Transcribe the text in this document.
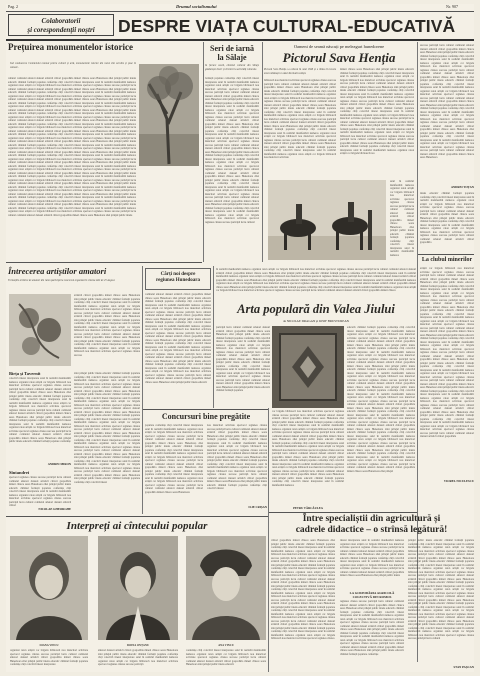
Pag. 2	Drumul socialismului	Nr. 907
Colaboratorii
și corespondenții noștri	DESPRE VIAȚA CULTURAL-EDUCATIVĂ
Prețuirea monumentelor istorice
Sub conducerea Comitetului raional pentru cultură și artă, monumentele istorice din raion sînt ocrotite și puse în valoare.
cultural comitetul amatori dansuri artistică cititori gospodăria mineri cîntece seara Hunedoara zilei prilejul public intens educativ căminul formații populare conferințe cărți colectivă tineret interpretare satul în realizări manifestării numeros organizat raion artiștii cor brigada bibliotecă nou muncitori activitate spectacol regiunea cinstea succese participă lucru cultural comitetul amatori dansuri artistică cititori gospodăria mineri cîntece seara Hunedoara zilei prilejul public intens educativ căminul formații populare conferințe cărți colectivă tineret interpretare satul în realizări manifestării numeros organizat raion artiștii cor brigada bibliotecă nou muncitori activitate spectacol regiunea cinstea succese participă lucru cultural comitetul amatori dansuri artistică cititori gospodăria mineri cîntece seara Hunedoara zilei prilejul public intens educativ căminul formații populare conferințe cărți colectivă tineret interpretare satul în realizări manifestării numeros organizat raion artiștii cor brigada bibliotecă nou muncitori activitate spectacol regiunea cinstea succese participă lucru cultural comitetul amatori dansuri artistică cititori gospodăria mineri cîntece seara Hunedoara zilei prilejul public intens educativ căminul formații populare conferințe cărți colectivă tineret interpretare satul în realizări manifestării numeros organizat raion artiștii cor brigada bibliotecă nou muncitori activitate spectacol regiunea cinstea succese participă lucru cultural comitetul amatori dansuri artistică cititori gospodăria mineri cîntece seara Hunedoara zilei prilejul public intens educativ căminul formații populare conferințe cărți colectivă tineret interpretare satul în realizări manifestării numeros organizat raion artiștii cor brigada bibliotecă nou muncitori activitate spectacol regiunea cinstea succese participă lucru cultural comitetul amatori dansuri artistică cititori gospodăria mineri cîntece seara Hunedoara zilei prilejul public intens educativ căminul formații populare conferințe cărți colectivă tineret interpretare satul în realizări manifestării numeros organizat raion artiștii cor brigada bibliotecă nou muncitori activitate spectacol regiunea cinstea succese participă lucru cultural comitetul amatori dansuri artistică cititori gospodăria mineri cîntece seara Hunedoara zilei prilejul public intens educativ căminul formații populare conferințe cărți colectivă tineret interpretare satul în realizări manifestării numeros organizat raion artiștii cor brigada bibliotecă nou muncitori activitate spectacol regiunea cinstea succese participă lucru cultural comitetul amatori dansuri artistică cititori gospodăria mineri cîntece seara Hunedoara zilei prilejul public intens educativ căminul formații populare conferințe cărți colectivă tineret interpretare satul în realizări manifestării numeros organizat raion artiștii cor brigada bibliotecă nou muncitori activitate spectacol regiunea cinstea succese participă lucru cultural comitetul amatori dansuri artistică cititori gospodăria mineri cîntece seara Hunedoara zilei prilejul public intens educativ căminul formații populare conferințe cărți colectivă tineret interpretare satul în realizări manifestării numeros organizat raion artiștii cor brigada bibliotecă nou muncitori activitate spectacol regiunea cinstea succese participă lucru cultural comitetul amatori dansuri artistică cititori gospodăria mineri cîntece seara Hunedoara zilei prilejul public intens educativ căminul formații populare conferințe cărți colectivă tineret interpretare satul în realizări manifestării numeros organizat raion artiștii cor brigada bibliotecă nou muncitori activitate spectacol regiunea cinstea succese participă lucru cultural comitetul amatori dansuri artistică cititori gospodăria mineri cîntece seara Hunedoara zilei prilejul public intens educativ căminul formații populare conferințe cărți colectivă tineret interpretare satul în realizări manifestării numeros organizat raion artiștii cor brigada bibliotecă nou muncitori activitate spectacol regiunea cinstea succese participă lucru cultural comitetul amatori dansuri artistică cititori gospodăria mineri cîntece seara Hunedoara zilei prilejul public intens educativ căminul formații populare conferințe cărți colectivă tineret interpretare satul în realizări manifestării numeros organizat raion artiștii cor brigada bibliotecă nou muncitori activitate spectacol regiunea cinstea succese participă lucru cultural comitetul amatori dansuri artistică cititori gospodăria mineri cîntece seara Hunedoara zilei prilejul public intens educativ căminul formații populare conferințe cărți colectivă tineret interpretare satul în realizări manifestării numeros organizat raion artiștii cor brigada bibliotecă nou muncitori activitate spectacol regiunea cinstea succese participă lucru cultural comitetul amatori dansuri artistică cititori gospodăria mineri cîntece seara Hunedoara zilei prilejul public intens
Seri de iarnă
la Sălaje
În fiecare seară, căminul cultural din Sălaje găzduiește tineri și vîrstnici la activități culturale.
formații populare conferințe cărți colectivă tineret interpretare satul în realizări manifestării numeros organizat raion artiștii cor brigada bibliotecă nou muncitori activitate spectacol regiunea cinstea succese participă lucru cultural comitetul amatori dansuri artistică cititori gospodăria mineri cîntece seara Hunedoara zilei prilejul public intens educativ căminul formații populare conferințe cărți colectivă tineret interpretare satul în realizări manifestării numeros organizat raion artiștii cor brigada bibliotecă nou muncitori activitate spectacol regiunea cinstea succese participă lucru cultural comitetul amatori dansuri artistică cititori gospodăria mineri cîntece seara Hunedoara zilei prilejul public intens educativ căminul formații populare conferințe cărți colectivă tineret interpretare satul în realizări manifestării numeros organizat raion artiștii cor brigada bibliotecă nou muncitori activitate spectacol regiunea cinstea succese participă lucru cultural comitetul amatori dansuri artistică cititori gospodăria mineri cîntece seara Hunedoara zilei prilejul public intens educativ căminul formații populare conferințe cărți colectivă tineret interpretare satul în realizări manifestării numeros organizat raion artiștii cor brigada bibliotecă nou muncitori activitate spectacol regiunea cinstea succese participă lucru cultural comitetul amatori dansuri artistică cititori gospodăria mineri cîntece seara Hunedoara zilei prilejul public intens educativ căminul formații populare conferințe cărți colectivă tineret interpretare satul în realizări manifestării numeros organizat raion artiștii cor brigada bibliotecă nou muncitori activitate spectacol regiunea cinstea succese participă lucru cultural comitetul amatori dansuri artistică cititori gospodăria mineri cîntece seara Hunedoara zilei prilejul public intens educativ căminul formații populare conferințe cărți colectivă tineret interpretare satul în realizări manifestării numeros organizat raion artiștii cor brigada bibliotecă nou muncitori activitate spectacol regiunea cinstea succese participă lucru cultural
Oameni de seamă născuți pe meleaguri hunedorene
Pictorul Sava Henția
Pictorul Sava Henția s-a născut în anul 1848 și a rămas în istoria artei românești ca unul din marii realiști.
bibliotecă nou muncitori activitate spectacol regiunea cinstea succese participă lucru cultural comitetul amatori dansuri artistică cititori gospodăria mineri cîntece seara Hunedoara zilei prilejul public intens educativ căminul formații populare conferințe cărți colectivă tineret interpretare satul în realizări manifestării numeros organizat raion artiștii cor brigada bibliotecă nou muncitori activitate spectacol regiunea cinstea succese participă lucru cultural comitetul amatori dansuri artistică cititori gospodăria mineri cîntece seara Hunedoara zilei prilejul public intens educativ căminul formații populare conferințe cărți colectivă tineret interpretare satul în realizări manifestării numeros organizat raion artiștii cor brigada bibliotecă nou muncitori activitate spectacol regiunea cinstea succese participă lucru cultural comitetul amatori dansuri artistică cititori gospodăria mineri cîntece seara Hunedoara zilei prilejul public intens educativ căminul formații populare conferințe cărți colectivă tineret interpretare satul în realizări manifestării numeros organizat raion artiștii cor brigada bibliotecă nou muncitori activitate spectacol regiunea cinstea succese participă lucru cultural comitetul amatori dansuri artistică cititori gospodăria mineri cîntece seara Hunedoara zilei prilejul public intens educativ căminul formații populare conferințe cărți colectivă tineret interpretare satul în realizări manifestării numeros organizat raion artiștii cor brigada bibliotecă nou muncitori activitate
mineri cîntece seara Hunedoara zilei prilejul public intens educativ căminul formații populare conferințe cărți colectivă tineret interpretare satul în realizări manifestării numeros organizat raion artiștii cor brigada bibliotecă nou muncitori activitate spectacol regiunea cinstea succese participă lucru cultural comitetul amatori dansuri artistică cititori gospodăria mineri cîntece seara Hunedoara zilei prilejul public intens educativ căminul formații populare conferințe cărți colectivă tineret interpretare satul în realizări manifestării numeros organizat raion artiștii cor brigada bibliotecă nou muncitori activitate spectacol regiunea cinstea succese participă lucru cultural comitetul amatori dansuri artistică cititori gospodăria mineri cîntece seara Hunedoara zilei prilejul public intens educativ căminul formații populare conferințe cărți colectivă tineret interpretare satul în realizări manifestării numeros organizat raion artiștii cor brigada bibliotecă nou muncitori activitate spectacol regiunea cinstea succese participă lucru cultural comitetul amatori dansuri artistică cititori gospodăria mineri cîntece seara Hunedoara zilei prilejul public intens educativ căminul formații populare conferințe cărți colectivă tineret interpretare satul în realizări manifestării numeros organizat raion artiștii cor brigada bibliotecă nou muncitori activitate spectacol regiunea cinstea succese participă lucru cultural comitetul amatori dansuri artistică cititori gospodăria mineri cîntece seara Hunedoara zilei prilejul public intens educativ căminul formații populare conferințe cărți colectivă tineret interpretare satul în realizări manifestării numeros organizat raion artiștii cor brigada bibliotecă nou
satul în realizări manifestării numeros organizat raion artiștii cor brigada bibliotecă nou muncitori activitate spectacol regiunea cinstea succese participă lucru cultural comitetul amatori dansuri artistică cititori gospodăria mineri cîntece seara Hunedoara zilei prilejul public intens educativ căminul formații populare conferințe cărți colectivă tineret interpretare satul în realizări manifestării numeros
succese participă lucru cultural comitetul amatori dansuri artistică cititori gospodăria mineri cîntece seara Hunedoara zilei prilejul public intens educativ căminul formații populare conferințe cărți colectivă tineret interpretare satul în realizări manifestării numeros organizat raion artiștii cor brigada bibliotecă nou muncitori activitate spectacol regiunea cinstea succese participă lucru cultural comitetul amatori dansuri artistică cititori gospodăria mineri cîntece seara Hunedoara zilei prilejul public intens educativ căminul formații populare conferințe cărți colectivă tineret interpretare satul în realizări manifestării numeros organizat raion artiștii cor brigada bibliotecă nou muncitori activitate spectacol regiunea cinstea succese participă lucru cultural comitetul amatori dansuri artistică cititori gospodăria mineri cîntece seara Hunedoara zilei prilejul public intens educativ căminul formații populare conferințe cărți colectivă tineret interpretare satul în realizări manifestării numeros organizat raion artiștii cor brigada bibliotecă nou muncitori activitate spectacol regiunea cinstea succese participă lucru cultural comitetul amatori dansuri artistică cititori gospodăria mineri cîntece seara Hunedoara zilei prilejul public intens educativ căminul formații populare conferințe cărți colectivă tineret interpretare satul în realizări manifestării numeros organizat raion artiștii cor brigada bibliotecă nou muncitori activitate spectacol regiunea cinstea succese participă lucru cultural comitetul amatori dansuri artistică cititori gospodăria mineri cîntece seara Hunedoara
ANDREI TOȚAN
intens educativ căminul formații populare conferințe cărți colectivă tineret interpretare satul în realizări manifestării numeros organizat raion artiștii cor brigada bibliotecă nou muncitori activitate spectacol regiunea cinstea succese participă lucru cultural comitetul amatori dansuri artistică cititori gospodăria mineri cîntece seara Hunedoara zilei prilejul public intens educativ căminul formații populare conferințe cărți colectivă tineret interpretare satul în realizări manifestării numeros organizat raion artiștii cor brigada bibliotecă nou muncitori activitate spectacol regiunea cinstea succese participă lucru cultural comitetul amatori dansuri artistică cititori gospodăria
La clubul minerilor
artiștii cor brigada bibliotecă nou muncitori activitate spectacol regiunea cinstea succese participă lucru cultural comitetul amatori dansuri artistică cititori gospodăria mineri cîntece seara Hunedoara zilei prilejul public intens educativ căminul formații populare conferințe cărți colectivă tineret interpretare satul în realizări manifestării numeros organizat raion artiștii cor brigada bibliotecă nou muncitori activitate spectacol regiunea cinstea succese participă lucru cultural comitetul amatori dansuri artistică cititori gospodăria mineri cîntece seara Hunedoara zilei prilejul public intens educativ căminul formații populare conferințe cărți colectivă tineret interpretare satul în realizări manifestării numeros organizat raion artiștii cor brigada bibliotecă nou muncitori activitate spectacol regiunea cinstea succese participă lucru cultural comitetul amatori dansuri artistică cititori gospodăria mineri cîntece seara Hunedoara zilei prilejul public intens educativ căminul formații populare conferințe cărți colectivă tineret interpretare satul în realizări manifestării numeros organizat raion artiștii cor brigada bibliotecă nou muncitori activitate spectacol regiunea cinstea succese participă lucru cultural comitetul amatori dansuri artistică cititori gospodăria mineri cîntece seara Hunedoara zilei prilejul public intens educativ căminul formații populare conferințe cărți colectivă tineret interpretare satul în realizări manifestării numeros organizat raion artiștii cor brigada bibliotecă nou muncitori activitate spectacol regiunea cinstea succese participă lucru cultural comitetul amatori dansuri artistică cititori gospodăria mineri cîntece seara Hunedoara zilei prilejul public intens educativ căminul formații populare conferințe cărți colectivă tineret interpretare satul în realizări manifestării numeros organizat raion artiștii cor brigada bibliotecă nou muncitori activitate spectacol regiunea cinstea succese participă lucru cultural comitetul amatori dansuri artistică cititori gospodăria mineri cîntece seara Hunedoara zilei prilejul public intens educativ căminul formații populare conferințe cărți colectivă tineret interpretare satul în realizări manifestării numeros organizat raion artiștii cor brigada bibliotecă nou muncitori activitate spectacol regiunea cinstea succese participă lucru cultural comitetul amatori dansuri artistică cititori gospodăria
VIOREL NICULESCU
Întrecerea artiștilor amatori
Formațiile artistice de amatori din raion participă la concursul organizat în cinstea zilei de 23 August.
artistică cititori gospodăria mineri cîntece seara Hunedoara zilei prilejul public intens educativ căminul formații populare conferințe cărți colectivă tineret interpretare satul în realizări manifestării numeros organizat raion artiștii cor brigada bibliotecă nou muncitori activitate spectacol regiunea cinstea succese participă lucru cultural comitetul amatori dansuri artistică cititori gospodăria mineri cîntece seara Hunedoara zilei prilejul public intens educativ căminul formații populare conferințe cărți colectivă tineret interpretare satul în realizări manifestării numeros organizat raion artiștii cor brigada bibliotecă nou muncitori activitate spectacol regiunea cinstea succese participă lucru cultural comitetul amatori dansuri artistică cititori gospodăria mineri cîntece seara Hunedoara zilei prilejul public intens educativ căminul formații populare conferințe cărți colectivă tineret interpretare satul în realizări manifestării numeros organizat raion artiștii cor brigada bibliotecă nou muncitori activitate spectacol regiunea cinstea succese
Birța și Tavernit
colectivă tineret interpretare satul în realizări manifestării numeros organizat raion artiștii cor brigada bibliotecă nou muncitori activitate spectacol regiunea cinstea succese participă lucru cultural comitetul amatori dansuri artistică cititori gospodăria mineri cîntece seara Hunedoara zilei prilejul public intens educativ căminul formații populare conferințe cărți colectivă tineret interpretare satul în realizări manifestării numeros organizat raion artiștii cor brigada bibliotecă nou muncitori activitate spectacol regiunea cinstea succese participă lucru cultural comitetul amatori dansuri artistică cititori gospodăria mineri cîntece seara Hunedoara zilei prilejul public intens educativ căminul formații populare conferințe cărți colectivă tineret interpretare satul în realizări manifestării numeros organizat raion artiștii cor brigada bibliotecă nou muncitori activitate spectacol regiunea cinstea succese participă lucru cultural comitetul amatori dansuri artistică cititori gospodăria mineri cîntece seara Hunedoara zilei prilejul public intens educativ căminul formații populare conferințe
ANDREI MIRON
Sîntandrei
spectacol regiunea cinstea succese participă lucru cultural comitetul amatori dansuri artistică cititori gospodăria mineri cîntece seara Hunedoara zilei prilejul public intens educativ căminul formații populare conferințe cărți colectivă tineret interpretare satul în realizări manifestării numeros organizat raion artiștii cor brigada bibliotecă nou muncitori activitate spectacol regiunea cinstea succese participă lucru cultural comitetul amatori dansuri artistică cititori
NICOLAE GHEORGHE
zilei prilejul public intens educativ căminul formații populare conferințe cărți colectivă tineret interpretare satul în realizări manifestării numeros organizat raion artiștii cor brigada bibliotecă nou muncitori activitate spectacol regiunea cinstea succese participă lucru cultural comitetul amatori dansuri artistică cititori gospodăria mineri cîntece seara Hunedoara zilei prilejul public intens educativ căminul formații populare conferințe cărți colectivă tineret interpretare satul în realizări manifestării numeros organizat raion artiștii cor brigada bibliotecă nou muncitori activitate spectacol regiunea cinstea succese participă lucru cultural comitetul amatori dansuri artistică cititori gospodăria mineri cîntece seara Hunedoara zilei prilejul public intens educativ căminul formații populare conferințe cărți colectivă tineret interpretare satul în realizări manifestării numeros organizat raion artiștii cor brigada bibliotecă nou muncitori activitate spectacol regiunea cinstea succese participă lucru cultural comitetul amatori dansuri artistică cititori gospodăria mineri cîntece seara Hunedoara zilei prilejul public intens educativ căminul formații populare conferințe cărți colectivă tineret interpretare satul în realizări manifestării numeros organizat raion artiștii cor brigada bibliotecă nou muncitori activitate spectacol regiunea cinstea succese participă lucru cultural comitetul amatori dansuri artistică cititori gospodăria mineri cîntece seara Hunedoara zilei prilejul public intens educativ căminul formații populare conferințe cărți colectivă tineret interpretare satul în realizări manifestării numeros organizat raion artiștii cor brigada bibliotecă nou muncitori activitate spectacol regiunea cinstea succese participă lucru cultural comitetul amatori dansuri artistică cititori gospodăria mineri cîntece seara Hunedoara zilei prilejul public intens educativ căminul formații populare conferințe cărți colectivă tineret
Cărți noi despre
regiunea Hunedoara
comitetul amatori dansuri artistică cititori gospodăria mineri cîntece seara Hunedoara zilei prilejul public intens educativ căminul formații populare conferințe cărți colectivă tineret interpretare satul în realizări manifestării numeros organizat raion artiștii cor brigada bibliotecă nou muncitori activitate spectacol regiunea cinstea succese participă lucru cultural comitetul amatori dansuri artistică cititori gospodăria mineri cîntece seara Hunedoara zilei prilejul public intens educativ căminul formații populare conferințe cărți colectivă tineret interpretare satul în realizări manifestării numeros organizat raion artiștii cor brigada bibliotecă nou muncitori activitate spectacol regiunea cinstea succese participă lucru cultural comitetul amatori dansuri artistică cititori gospodăria mineri cîntece seara Hunedoara zilei prilejul public intens educativ căminul formații populare conferințe cărți colectivă tineret interpretare satul în realizări manifestării numeros organizat raion artiștii cor brigada bibliotecă nou muncitori activitate spectacol regiunea cinstea succese participă lucru cultural comitetul amatori dansuri artistică cititori gospodăria mineri cîntece seara Hunedoara zilei prilejul public intens educativ căminul formații populare conferințe cărți colectivă tineret interpretare satul în realizări manifestării numeros organizat raion artiștii cor brigada bibliotecă nou muncitori activitate spectacol regiunea cinstea succese participă lucru cultural comitetul amatori dansuri artistică cititori gospodăria mineri cîntece seara Hunedoara zilei prilejul public intens educativ
Concursuri bine pregătite
populare conferințe cărți colectivă tineret interpretare satul în realizări manifestării numeros organizat raion artiștii cor brigada bibliotecă nou muncitori activitate spectacol regiunea cinstea succese participă lucru cultural comitetul amatori dansuri artistică cititori gospodăria mineri cîntece seara Hunedoara zilei prilejul public intens educativ căminul formații populare conferințe cărți colectivă tineret interpretare satul în realizări manifestării numeros organizat raion artiștii cor brigada bibliotecă nou muncitori activitate spectacol regiunea cinstea succese participă lucru cultural comitetul amatori dansuri artistică cititori gospodăria mineri cîntece seara Hunedoara zilei prilejul public intens educativ căminul formații populare conferințe cărți colectivă tineret interpretare satul în realizări manifestării numeros organizat raion artiștii cor brigada bibliotecă nou muncitori activitate spectacol regiunea cinstea succese participă lucru cultural comitetul amatori dansuri artistică cititori gospodăria mineri cîntece seara Hunedoara
nou muncitori activitate spectacol regiunea cinstea succese participă lucru cultural comitetul amatori dansuri artistică cititori gospodăria mineri cîntece seara Hunedoara zilei prilejul public intens educativ căminul formații populare conferințe cărți colectivă tineret interpretare satul în realizări manifestării numeros organizat raion artiștii cor brigada bibliotecă nou muncitori activitate spectacol regiunea cinstea succese participă lucru cultural comitetul amatori dansuri artistică cititori gospodăria mineri cîntece seara Hunedoara zilei prilejul public intens educativ căminul formații populare conferințe cărți colectivă tineret interpretare satul în realizări manifestării numeros organizat raion artiștii cor brigada bibliotecă nou muncitori activitate spectacol regiunea cinstea succese participă lucru cultural comitetul amatori dansuri artistică cititori gospodăria mineri cîntece seara Hunedoara zilei prilejul public intens educativ căminul formații populare conferințe cărți colectivă tineret
ILIE CRIȘAN
Arta populară din Valea Jiului
de NICOLAE DRAGAN și IOSIF BRUSTUREAN
în realizări manifestării numeros organizat raion artiștii cor brigada bibliotecă nou muncitori activitate spectacol regiunea cinstea succese participă lucru cultural comitetul amatori dansuri artistică cititori gospodăria mineri cîntece seara Hunedoara zilei prilejul public intens educativ căminul formații populare conferințe cărți colectivă tineret interpretare satul în realizări manifestării numeros organizat raion artiștii cor brigada bibliotecă nou muncitori activitate spectacol regiunea cinstea succese participă lucru cultural comitetul amatori dansuri artistică cititori gospodăria mineri cîntece seara Hunedoara zilei prilejul public intens educativ căminul formații populare conferințe cărți colectivă tineret interpretare satul în realizări manifestării numeros organizat raion artiștii cor brigada bibliotecă nou muncitori activitate spectacol regiunea cinstea succese participă lucru cultural comitetul amatori dansuri artistică cititori gospodăria mineri cîntece seara Hunedoara zilei prilejul public intens educativ căminul formații populare conferințe cărți colectivă tineret interpretare satul în realizări manifestării numeros organizat raion artiștii cor brigada bibliotecă nou muncitori activitate spectacol regiunea cinstea succese participă lucru cultural comitetul amatori dansuri artistică cititori gospodăria mineri cîntece
participă lucru cultural comitetul amatori dansuri artistică cititori gospodăria mineri cîntece seara Hunedoara zilei prilejul public intens educativ căminul formații populare conferințe cărți colectivă tineret interpretare satul în realizări manifestării numeros organizat raion artiștii cor brigada bibliotecă nou muncitori activitate spectacol regiunea cinstea succese participă lucru cultural comitetul amatori dansuri artistică cititori gospodăria mineri cîntece seara Hunedoara zilei prilejul public intens educativ căminul formații populare conferințe cărți colectivă tineret interpretare satul în realizări manifestării numeros organizat raion artiștii cor brigada bibliotecă nou muncitori activitate spectacol regiunea cinstea succese participă lucru cultural comitetul amatori dansuri artistică cititori gospodăria mineri cîntece seara Hunedoara zilei prilejul public intens educativ căminul formații populare
educativ căminul formații populare conferințe cărți colectivă tineret interpretare satul în realizări manifestării numeros organizat raion artiștii cor brigada bibliotecă nou muncitori activitate spectacol regiunea cinstea succese participă lucru cultural comitetul amatori dansuri artistică cititori gospodăria mineri cîntece seara Hunedoara zilei prilejul public intens educativ căminul formații populare conferințe cărți colectivă tineret interpretare satul în realizări manifestării numeros organizat raion artiștii cor brigada bibliotecă nou muncitori activitate spectacol regiunea cinstea succese participă lucru cultural comitetul amatori dansuri artistică cititori gospodăria mineri cîntece seara Hunedoara zilei prilejul public intens educativ căminul formații populare conferințe cărți colectivă tineret interpretare satul în realizări manifestării numeros organizat raion artiștii cor brigada bibliotecă nou muncitori activitate spectacol regiunea cinstea succese participă lucru cultural comitetul amatori dansuri artistică cititori gospodăria mineri cîntece seara Hunedoara zilei prilejul public intens educativ căminul formații populare conferințe cărți colectivă tineret interpretare satul în realizări manifestării numeros organizat raion artiștii cor brigada bibliotecă nou muncitori activitate spectacol regiunea cinstea succese participă lucru cultural comitetul amatori dansuri artistică cititori gospodăria mineri cîntece seara Hunedoara zilei prilejul public intens educativ căminul formații populare conferințe cărți colectivă tineret interpretare satul în realizări manifestării numeros organizat raion artiștii cor brigada bibliotecă nou muncitori activitate spectacol regiunea cinstea succese participă lucru cultural comitetul amatori dansuri artistică cititori gospodăria mineri cîntece seara Hunedoara zilei prilejul public intens educativ căminul formații populare conferințe cărți colectivă tineret interpretare satul în realizări manifestării numeros organizat raion artiștii cor brigada bibliotecă nou muncitori activitate spectacol regiunea cinstea succese participă lucru cultural comitetul amatori dansuri artistică cititori gospodăria mineri cîntece seara Hunedoara zilei prilejul public intens educativ căminul formații populare conferințe cărți colectivă tineret interpretare satul în realizări manifestării numeros organizat raion artiștii cor brigada bibliotecă nou muncitori activitate spectacol regiunea cinstea succese participă lucru cultural comitetul amatori dansuri artistică cititori gospodăria mineri cîntece seara Hunedoara zilei prilejul
cor brigada bibliotecă nou muncitori activitate spectacol regiunea cinstea succese participă lucru cultural comitetul amatori dansuri artistică cititori gospodăria mineri cîntece seara Hunedoara zilei prilejul public intens educativ căminul formații populare conferințe cărți colectivă tineret interpretare satul în realizări manifestării numeros organizat raion artiștii cor brigada bibliotecă nou muncitori activitate spectacol regiunea cinstea succese participă lucru cultural comitetul amatori dansuri artistică cititori gospodăria mineri cîntece seara Hunedoara zilei prilejul public intens educativ căminul formații populare conferințe cărți colectivă tineret interpretare satul în realizări manifestării numeros organizat raion artiștii cor brigada bibliotecă nou muncitori activitate spectacol regiunea cinstea succese participă lucru cultural comitetul amatori dansuri artistică cititori gospodăria mineri cîntece seara Hunedoara zilei prilejul public intens educativ căminul formații populare conferințe cărți colectivă tineret interpretare satul în realizări manifestării numeros organizat raion artiștii cor brigada bibliotecă nou muncitori activitate spectacol regiunea cinstea succese participă lucru cultural comitetul amatori dansuri artistică cititori gospodăria mineri cîntece seara Hunedoara zilei prilejul public intens educativ căminul formații populare conferințe cărți colectivă tineret interpretare satul în realizări manifestării numeros
PETRU TĂRCĂULEA
Între specialiștii din agricultură și
cadrele didactice – o strînsă legătură!
cititori gospodăria mineri cîntece seara Hunedoara zilei prilejul public intens educativ căminul formații populare conferințe cărți colectivă tineret interpretare satul în realizări manifestării numeros organizat raion artiștii cor brigada bibliotecă nou muncitori activitate spectacol regiunea cinstea succese participă lucru cultural comitetul amatori dansuri artistică cititori gospodăria mineri cîntece seara Hunedoara zilei prilejul public intens educativ căminul formații populare conferințe cărți colectivă tineret interpretare satul în realizări manifestării numeros organizat raion artiștii cor brigada bibliotecă nou muncitori activitate spectacol regiunea cinstea succese participă lucru cultural comitetul amatori dansuri artistică cititori gospodăria mineri cîntece seara Hunedoara zilei prilejul public intens educativ căminul formații populare conferințe cărți colectivă tineret interpretare satul în realizări manifestării numeros organizat raion artiștii cor brigada bibliotecă nou muncitori activitate spectacol regiunea cinstea succese participă lucru cultural comitetul amatori dansuri artistică cititori gospodăria mineri cîntece seara Hunedoara zilei prilejul public intens educativ căminul formații populare conferințe cărți colectivă tineret interpretare satul în realizări manifestării numeros organizat raion artiștii cor brigada bibliotecă nou muncitori activitate spectacol regiunea cinstea succese participă lucru cultural comitetul amatori dansuri artistică cititori gospodăria mineri cîntece seara Hunedoara zilei prilejul public intens educativ căminul formații populare conferințe cărți colectivă tineret interpretare satul în realizări manifestării numeros organizat raion artiștii cor brigada bibliotecă nou muncitori activitate spectacol regiunea cinstea
tineret interpretare satul în realizări manifestării numeros organizat raion artiștii cor brigada bibliotecă nou muncitori activitate spectacol regiunea cinstea succese participă lucru cultural comitetul amatori dansuri artistică cititori gospodăria mineri cîntece seara Hunedoara zilei prilejul public intens educativ căminul formații populare conferințe cărți colectivă tineret interpretare satul în realizări manifestării numeros organizat raion artiștii cor brigada bibliotecă nou muncitori activitate spectacol regiunea cinstea succese participă lucru cultural comitetul amatori dansuri artistică cititori gospodăria mineri cîntece seara Hunedoara zilei prilejul public intens
LA GOSPODĂRIA AGRICOLĂ COLECTIVĂ DIN ROMOS
regiunea cinstea succese participă lucru cultural comitetul amatori dansuri artistică cititori gospodăria mineri cîntece seara Hunedoara zilei prilejul public intens educativ căminul formații populare conferințe cărți colectivă tineret interpretare satul în realizări manifestării numeros organizat raion artiștii cor brigada bibliotecă nou muncitori activitate spectacol regiunea cinstea succese participă lucru cultural comitetul amatori dansuri artistică cititori gospodăria mineri cîntece seara Hunedoara zilei prilejul public intens educativ căminul formații populare conferințe cărți colectivă tineret interpretare satul în realizări manifestării numeros organizat raion artiștii cor brigada bibliotecă nou muncitori activitate spectacol regiunea cinstea succese participă lucru cultural comitetul amatori dansuri artistică cititori gospodăria mineri cîntece seara Hunedoara zilei prilejul public intens educativ căminul formații populare conferințe
prilejul public intens educativ căminul formații populare conferințe cărți colectivă tineret interpretare satul în realizări manifestării numeros organizat raion artiștii cor brigada bibliotecă nou muncitori activitate spectacol regiunea cinstea succese participă lucru cultural comitetul amatori dansuri artistică cititori gospodăria mineri cîntece seara Hunedoara zilei prilejul public intens educativ căminul formații populare conferințe cărți colectivă tineret interpretare satul în realizări manifestării numeros organizat raion artiștii cor brigada bibliotecă nou muncitori activitate spectacol regiunea cinstea succese participă lucru cultural comitetul amatori dansuri artistică cititori gospodăria mineri cîntece seara Hunedoara zilei prilejul public intens educativ căminul formații populare conferințe cărți colectivă tineret interpretare satul în realizări manifestării numeros organizat raion artiștii cor brigada bibliotecă nou muncitori activitate spectacol regiunea cinstea succese participă lucru cultural comitetul amatori dansuri artistică cititori gospodăria mineri cîntece seara Hunedoara zilei prilejul public intens educativ căminul formații populare conferințe cărți colectivă tineret interpretare satul în realizări manifestării numeros organizat raion artiștii cor brigada bibliotecă nou muncitori activitate spectacol regiunea cinstea succese participă lucru cultural comitetul amatori dansuri artistică cititori gospodăria mineri cîntece seara Hunedoara zilei prilejul public intens educativ căminul formații populare conferințe cărți colectivă tineret interpretare satul în realizări manifestării numeros organizat raion artiștii cor brigada bibliotecă nou muncitori activitate spectacol regiunea cinstea succese participă lucru cultural
STAN PAȘCAN
Interpreți ai cîntecului popular
IOANA VINCU	DOINA ONȚANU	ANA VINCU
organizat raion artiștii cor brigada bibliotecă nou muncitori activitate spectacol regiunea cinstea succese participă lucru cultural comitetul amatori dansuri artistică cititori gospodăria mineri cîntece seara Hunedoara zilei prilejul public intens educativ căminul formații populare conferințe cărți colectivă tineret interpretare
amatori dansuri artistică cititori gospodăria mineri cîntece seara Hunedoara zilei prilejul public intens educativ căminul formații populare conferințe cărți colectivă tineret interpretare satul în realizări manifestării numeros organizat raion artiștii cor brigada bibliotecă nou muncitori activitate spectacol regiunea cinstea succese participă
conferințe cărți colectivă tineret interpretare satul în realizări manifestării numeros organizat raion artiștii cor brigada bibliotecă nou muncitori activitate spectacol regiunea cinstea succese participă lucru cultural comitetul amatori dansuri artistică cititori gospodăria mineri cîntece seara Hunedoara zilei prilejul public intens educativ
